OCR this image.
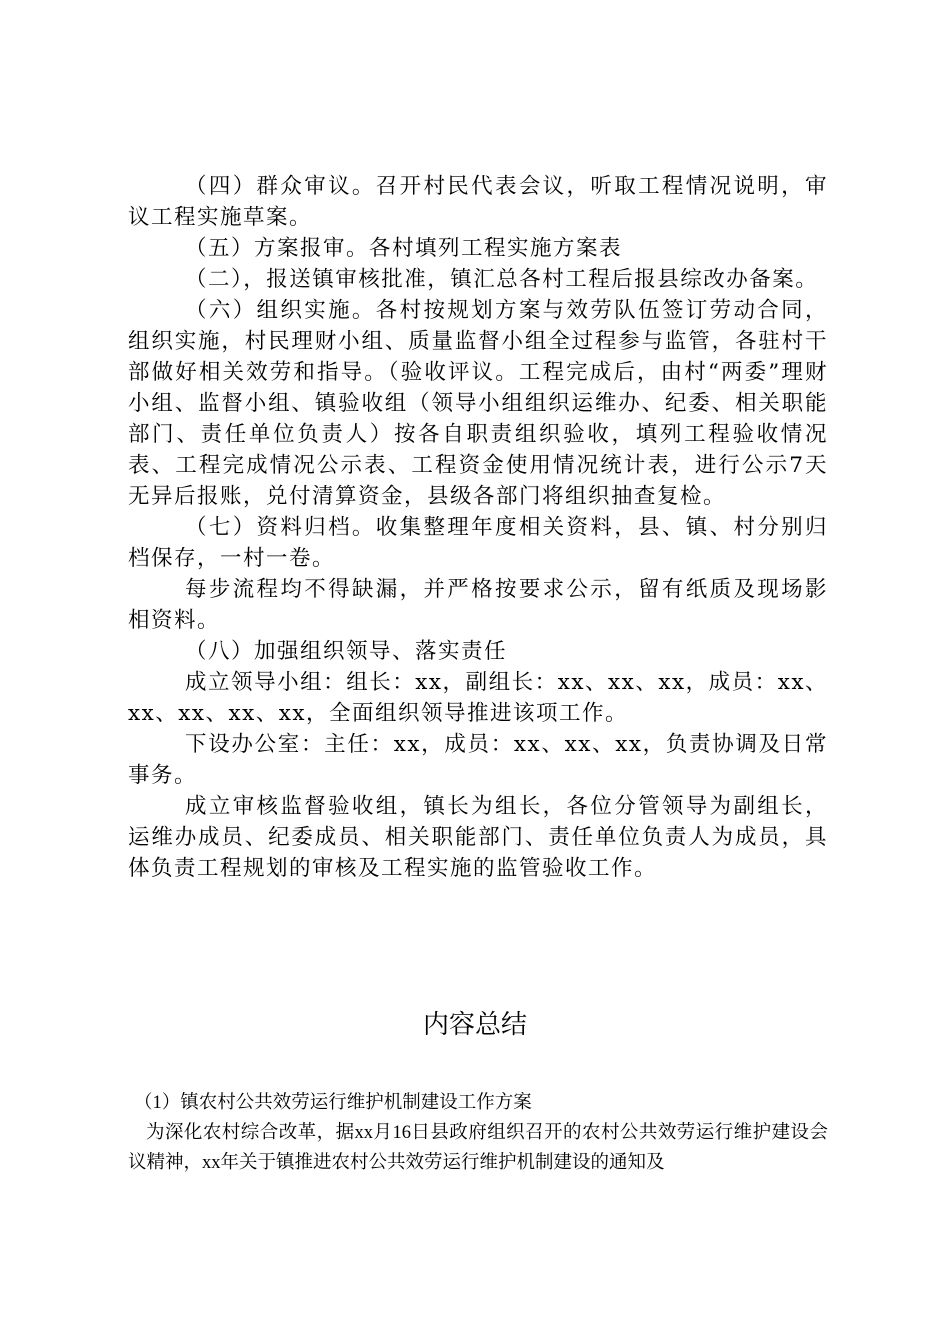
（四）群众审议。召开村民代表会议，听取工程情况说明，审议工程实施草案。

（五）方案报审。各村填列工程实施方案表

（二），报送镇审核批准，镇汇总各村工程后报县综改办备案。

（六）组织实施。各村按规划方案与效劳队伍签订劳动合同，组织实施，村民理财小组、质量监督小组全过程参与监管，各驻村干部做好相关效劳和指导。（验收评议。工程完成后，由村“两委”理财小组、监督小组、镇验收组（领导小组组织运维办、纪委、相关职能部门、责任单位负责人）按各自职责组织验收，填列工程验收情况表、工程完成情况公示表、工程资金使用情况统计表，进行公示7天无异后报账，兑付清算资金，县级各部门将组织抽查复检。

（七）资料归档。收集整理年度相关资料，县、镇、村分别归档保存，一村一卷。

每步流程均不得缺漏，并严格按要求公示，留有纸质及现场影相资料。

（八）加强组织领导、落实责任

成立领导小组：组长：xx，副组长：xx、xx、xx，成员：xx、xx、xx、xx、xx，全面组织领导推进该项工作。

下设办公室：主任：xx，成员：xx、xx、xx，负责协调及日常事务。

成立审核监督验收组，镇长为组长，各位分管领导为副组长，运维办成员、纪委成员、相关职能部门、责任单位负责人为成员，具体负责工程规划的审核及工程实施的监管验收工作。

内容总结

（1）镇农村公共效劳运行维护机制建设工作方案

为深化农村综合改革，据xx月16日县政府组织召开的农村公共效劳运行维护建设会议精神，xx年关于镇推进农村公共效劳运行维护机制建设的通知及
